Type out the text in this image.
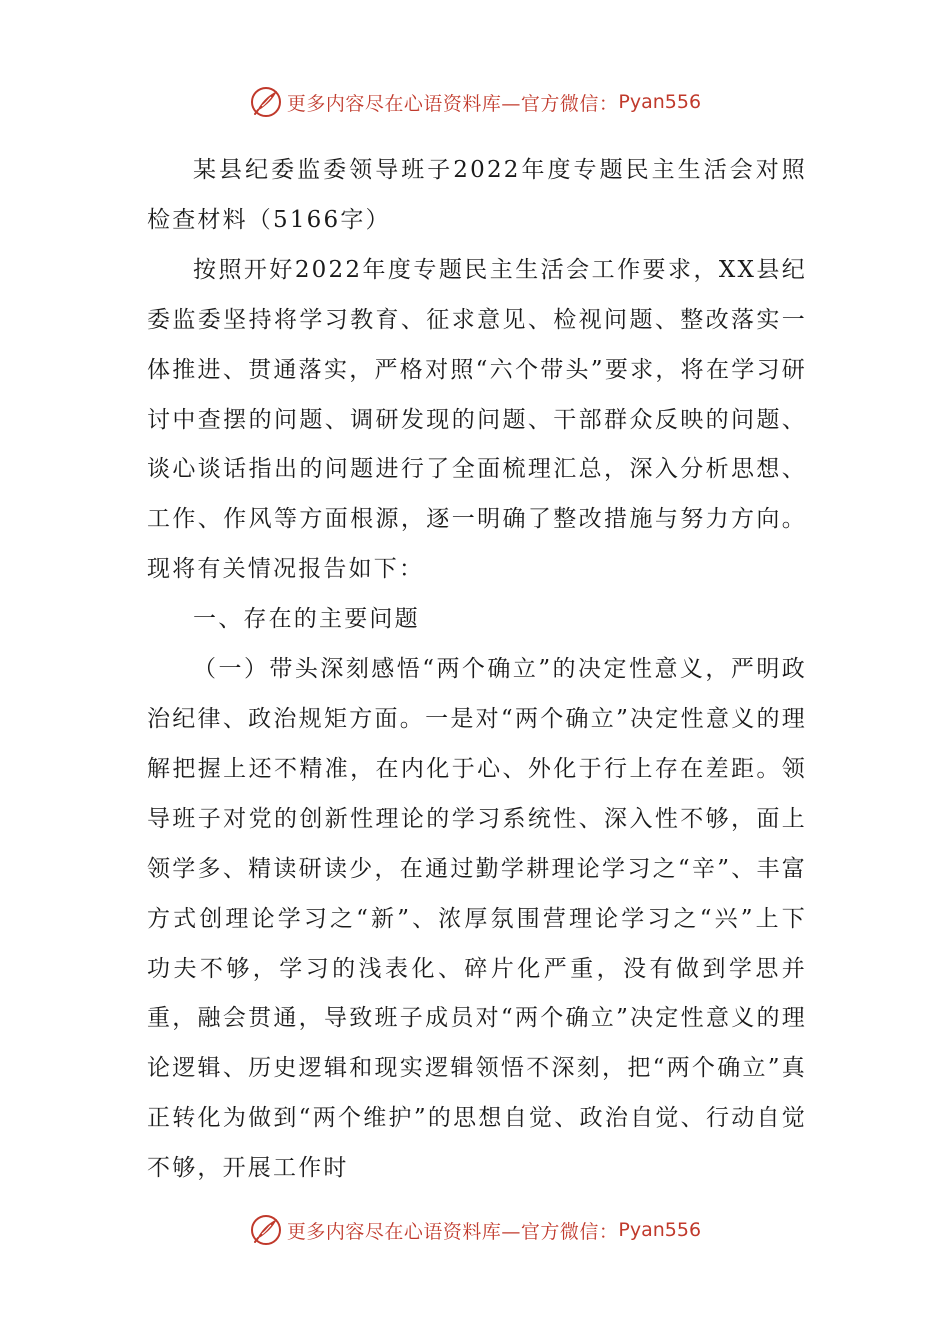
更多内容尽在心语资料库—官方微信： Pyan556

某县纪委监委领导班子2022年度专题民主生活会对照检查材料（5166字）

按照开好2022年度专题民主生活会工作要求，XX县纪委监委坚持将学习教育、征求意见、检视问题、整改落实一体推进、贯通落实，严格对照“六个带头”要求，将在学习研讨中查摆的问题、调研发现的问题、干部群众反映的问题、谈心谈话指出的问题进行了全面梳理汇总，深入分析思想、工作、作风等方面根源，逐一明确了整改措施与努力方向。现将有关情况报告如下：

一、存在的主要问题

（一）带头深刻感悟“两个确立”的决定性意义，严明政治纪律、政治规矩方面。一是对“两个确立”决定性意义的理解把握上还不精准，在内化于心、外化于行上存在差距。领导班子对党的创新性理论的学习系统性、深入性不够，面上领学多、精读研读少，在通过勤学耕理论学习之“辛”、丰富方式创理论学习之“新”、浓厚氛围营理论学习之“兴”上下功夫不够，学习的浅表化、碎片化严重，没有做到学思并重，融会贯通，导致班子成员对“两个确立”决定性意义的理论逻辑、历史逻辑和现实逻辑领悟不深刻，把“两个确立”真正转化为做到“两个维护”的思想自觉、政治自觉、行动自觉不够，开展工作时

更多内容尽在心语资料库—官方微信： Pyan556
